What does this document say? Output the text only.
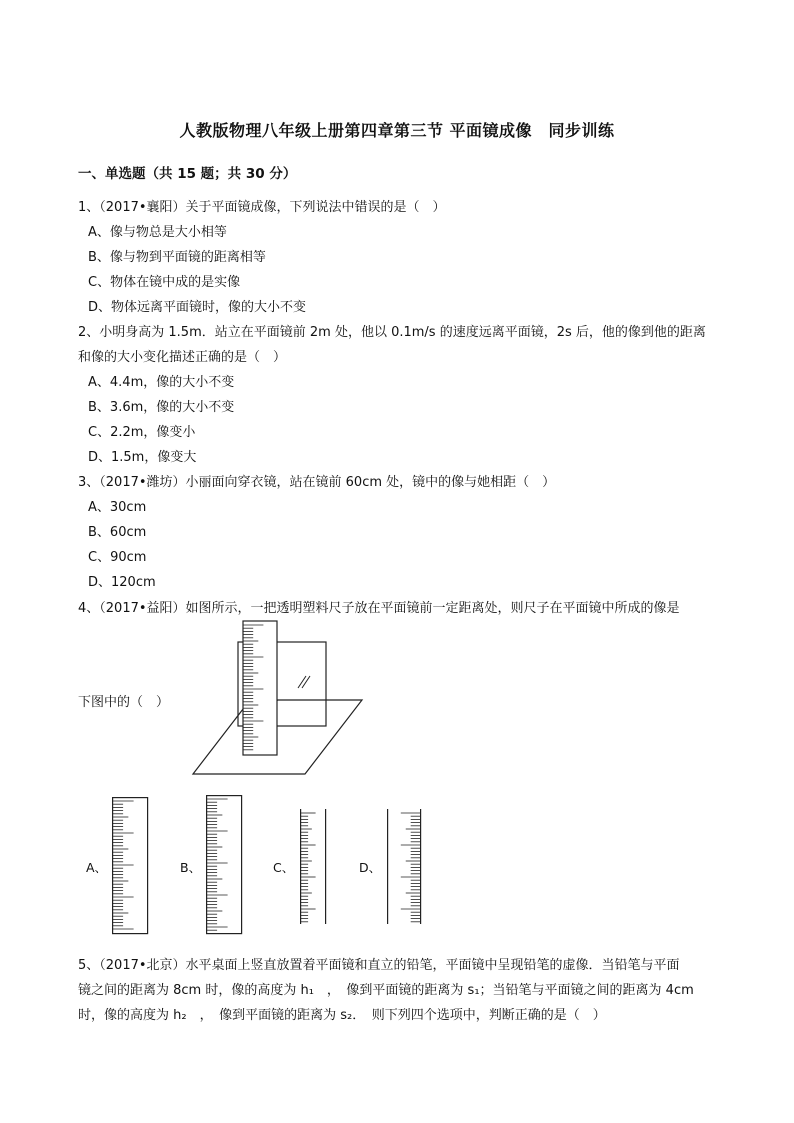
人教版物理八年级上册第四章第三节 平面镜成像　同步训练
一、单选题（共 15 题；共 30 分）
1、（2017•襄阳）关于平面镜成像，下列说法中错误的是（　）
A、像与物总是大小相等
B、像与物到平面镜的距离相等
C、物体在镜中成的是实像
D、物体远离平面镜时，像的大小不变
2、小明身高为 1.5m．站立在平面镜前 2m 处，他以 0.1m/s 的速度远离平面镜，2s 后，他的像到他的距离
和像的大小变化描述正确的是（　）
A、4.4m，像的大小不变
B、3.6m，像的大小不变
C、2.2m，像变小
D、1.5m，像变大
3、（2017•潍坊）小丽面向穿衣镜，站在镜前 60cm 处，镜中的像与她相距（　）
A、30cm
B、60cm
C、90cm
D、120cm
4、（2017•益阳）如图所示，一把透明塑料尺子放在平面镜前一定距离处，则尺子在平面镜中所成的像是
下图中的（　）
A、	B、	C、	D、
5、（2017•北京）水平桌面上竖直放置着平面镜和直立的铅笔，平面镜中呈现铅笔的虚像．当铅笔与平面
镜之间的距离为 8cm 时，像的高度为 h₁　，　像到平面镜的距离为 s₁；当铅笔与平面镜之间的距离为 4cm
时，像的高度为 h₂　，　像到平面镜的距离为 s₂．　则下列四个选项中，判断正确的是（　）
